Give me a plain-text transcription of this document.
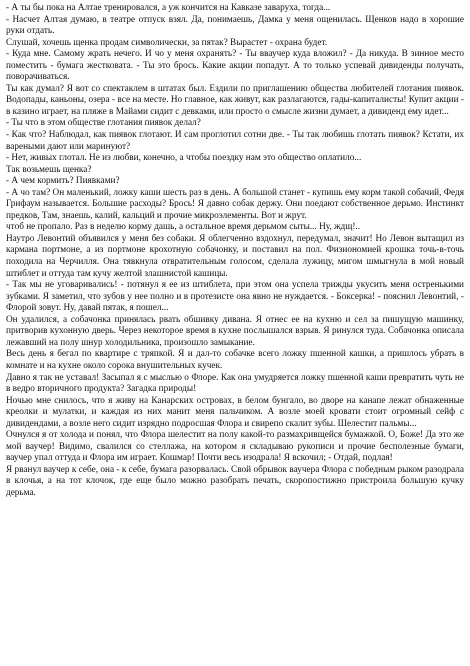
- А ты бы пока на Алтае тренировался, а уж кончится на Кавказе заваруха, тогда...

- Насчет Алтая думаю, в театре отпуск взял. Да, понимаешь, Дамка у меня ощенилась. Щенков надо в хорошие руки отдать.

Слушай, хочешь щенка продам символически, за пятак? Вырастет - охрана будет.

- Куда мне. Самому жрать нечего. И чо у меня охранять? - Ты вваучер куда вложил? - Да никуда. В зинное место поместить - бумага жестковата. - Ты это брось. Какие акции попадут. А то только успевай дивиденды получать, поворачиваться.

Ты как думал? Я вот со спектаклем в штатах был. Ездили по приглашению общества любителей глотания пиявок. Водопады, каньоны, озера - все на месте. Но главное, как живут, как разлагаются, гады-капиталисты! Купит акции - в казино играет, на пляже в Майами сидит с девками, или просто о смысле жизни думает, а дивиденд ему идет...

- Ты что в этом обществе глотания пиявок делал?

- Как что? Наблюдал, как пиявок глотают. И сам проглотил сотни две. - Ты так любишь глотать пиявок? Кстати, их вареными дают или маринуют?

- Нет, живых глотал. Не из любви, конечно, а чтобы поездку нам это общество оплатило...

Так возьмешь щенка?

- А чем кормить? Пиявками?

- А чо там? Он маленький, ложку каши шесть раз в день. А большой станет - купишь ему корм такой собачий, Федя Грифаум называется. Большие расходы? Брось! Я давно собак держу. Они поедают собственное дерьмо. Инстинкт предков, Там, знаешь, калий, кальций и прочие микроэлементы. Вот и жрут.

чтоб не пропало. Раз в неделю корму дашь, а остальное время дерьмом сыты... Ну, ждщ!..

Наутро Левонтий объявился у меня без собаки. Я облегченно вздохнул, передумал, значит! Но Левон вытащил из кармана портмоне, а из портмоне крохотную собачонку, и поставил на пол. Физиономией крошка точь-в-точь походила на Черчилля. Она тявкнула отвратительным голосом, сделала лужицу, мигом шмыгнула в мой новый штиблет и оттуда там кучу желтой злашнистой кашицы.

- Так мы не уговаривались! - потянул я ее из штиблета, при этом она успела трижды укусить меня остренькими зубками. Я заметил, что зубов у нее полно и в протезисте она явно не нуждается. - Боксерка! - пояснил Левонтий, - Флорой зовут. Ну, давай пятак, я пошел...

Он удалился, а собачонка принялась рвать обшивку дивана. Я отнес ее на кухню и сел за пишущую машинку, притворив кухонную дверь. Через некоторое время в кухне послышался взрыв. Я ринулся туда. Собачонка описала лежавший на полу шнур холодильника, произошло замыкание.

Весь день я бегал по квартире с тряпкой. Я и дал-то собачке всего ложку пшенной кашки, а пришлось убрать в комнате и на кухне около сорока внушительных кучек.

Давно я так не уставал! Засыпал я с мыслью о Флоре. Как она умудряется ложку пшенной каши превратить чуть не в ведро вторичного продукта? Загадка природы!

Ночью мне снилось, что я живу на Канарских островах, в белом бунгало, во дворе на канапе лежат обнаженные креолки и мулатки, и каждая из них манит меня пальчиком. А возле моей кровати стоит огромный сейф с дивидендами, а возле него сидит изрядно подросшая Флора и свирепо скалит зубы. Шелестит пальмы...

Очнулся я от холода и понял, что Флора шелестит на полу какой-то размахривщейся бумажкой. О, Боже! Да это же мой ваучер! Видимо, свалился со стеллажа, на котором я складываю рукописи и прочие бесполезные бумаги, ваучер упал оттуда и Флора им играет. Кошмар! Почти весь изодрала! Я вскочил; - Отдай, подлая!

Я рванул ваучер к себе, она - к себе, бумага разорвалась. Свой обрывок ваучера Флора с победным рыком разодрала в клочья, а на тот клочок, где еще было можно разобрать печать, скоропостижно пристроила большую кучку дерьма.
